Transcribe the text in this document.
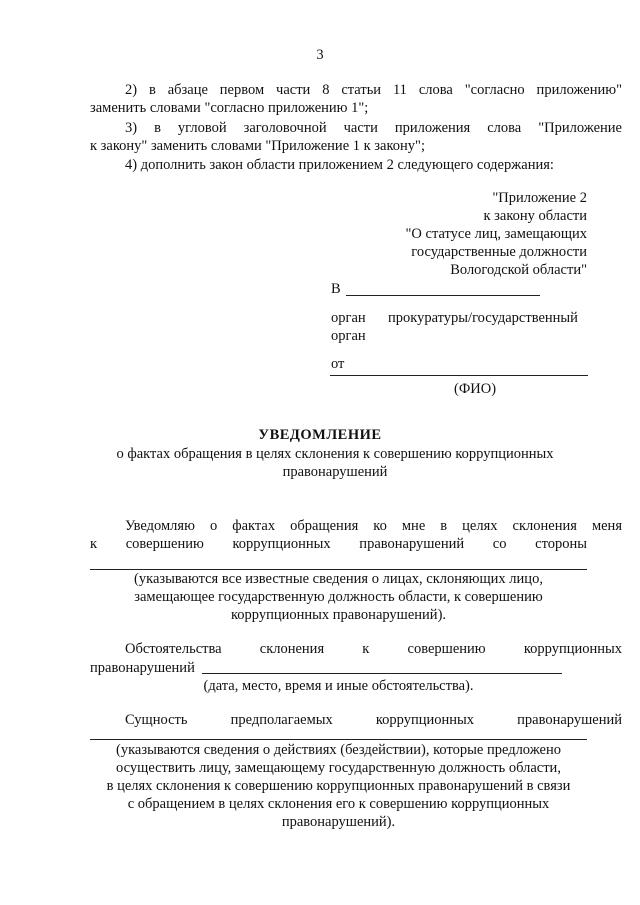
3
2) в абзаце первом части 8 статьи 11 слова "согласно приложению"
заменить словами "согласно приложению 1";
3) в угловой заголовочной части приложения слова "Приложение
к закону" заменить словами "Приложение 1 к закону";
4) дополнить закон области приложением 2 следующего содержания:
"Приложение 2
к закону области
"О статусе лиц, замещающих
государственные должности
Вологодской области"
В
орган прокуратуры/государственный
орган
от
(ФИО)
УВЕДОМЛЕНИЕ
о фактах обращения в целях склонения к совершению коррупционных
правонарушений
Уведомляю о фактах обращения ко мне в целях склонения меня
к совершению коррупционных правонарушений со стороны
(указываются все известные сведения о лицах, склоняющих лицо,
замещающее государственную должность области, к совершению
коррупционных правонарушений).
Обстоятельства склонения к совершению коррупционных
правонарушений
(дата, место, время и иные обстоятельства).
Сущность предполагаемых коррупционных правонарушений
(указываются сведения о действиях (бездействии), которые предложено
осуществить лицу, замещающему государственную должность области,
в целях склонения к совершению коррупционных правонарушений в связи
с обращением в целях склонения его к совершению коррупционных
правонарушений).
